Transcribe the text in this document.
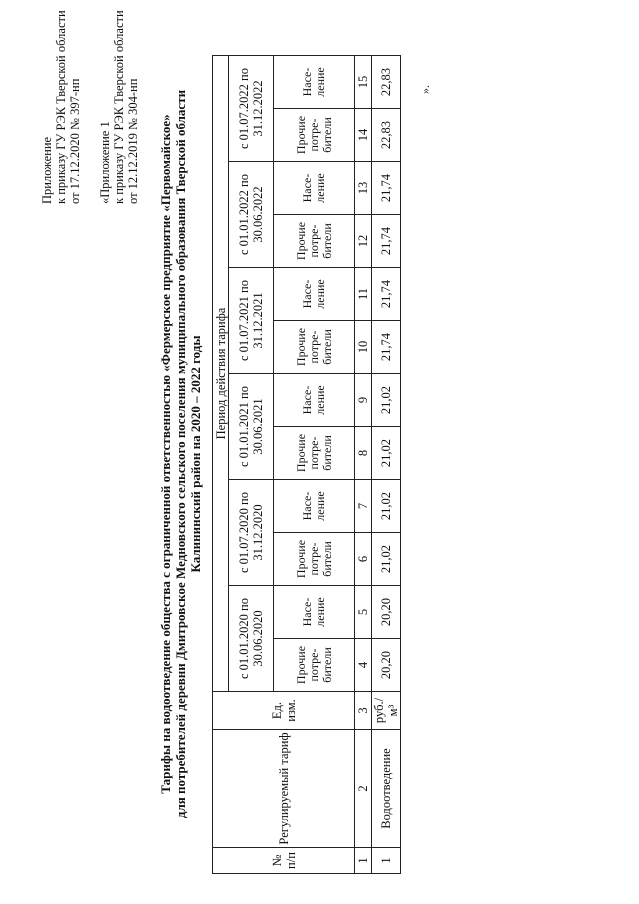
Приложение к приказу ГУ РЭК Тверской области от 17.12.2020 № 397-нп «Приложение 1 к приказу ГУ РЭК Тверской области от 12.12.2019 № 304-нп Тарифы на водоотведение общества с ограниченной ответственностью «Фермерское предприятие «Первомайское» для потребителей деревни Дмитровское Медновского сельского поселения муниципального образования Тверской области Калининский район на 2020 – 2022 годы
№ п/п	Регулируемый тариф	Ед. изм.	Период действия тарифа											
			с 01.01.2020 по 30.06.2020		с 01.07.2020 по 31.12.2020		с 01.01.2021 по 30.06.2021		с 01.07.2021 по 31.12.2021		с 01.01.2022 по 30.06.2022		с 01.07.2022 по 31.12.2022	
			Прочие потре-бители	Насе-ление	Прочие потре-бители	Насе-ление	Прочие потре-бители	Насе-ление	Прочие потре-бители	Насе-ление	Прочие потре-бители	Насе-ление	Прочие потре-бители	Насе-ление
1	2	3	4	5	6	7	8	9	10	11	12	13	14	15
1	Водоотведение	руб./м³	20,20	20,20	21,02	21,02	21,02	21,02	21,74	21,74	21,74	21,74	22,83	22,83 ».
